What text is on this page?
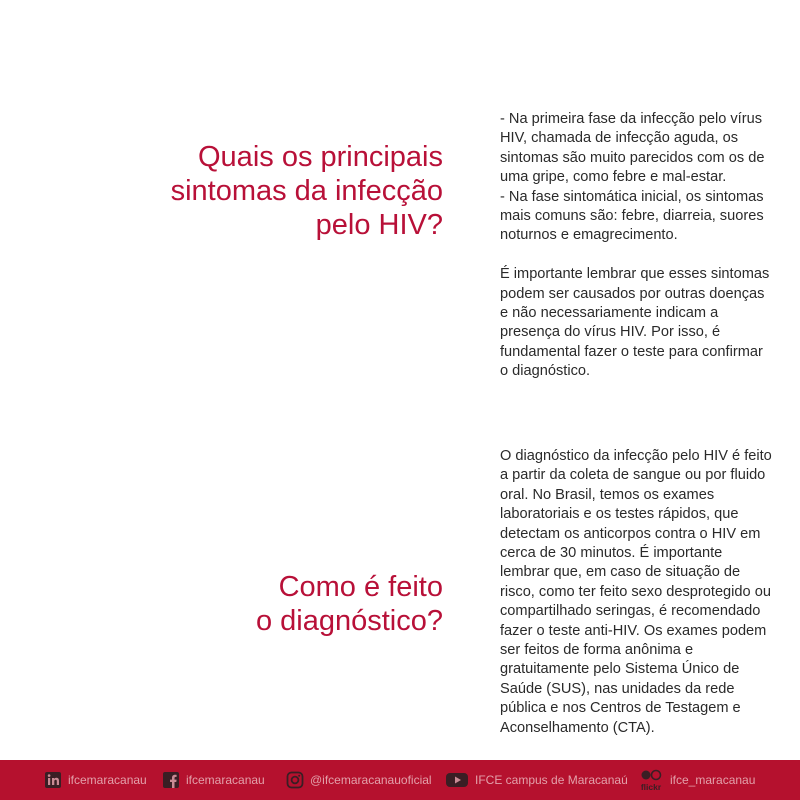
Quais os principais
sintomas da infecção
pelo HIV?
- Na primeira fase da infecção pelo vírus
HIV, chamada de infecção aguda, os
sintomas são muito parecidos com os de
uma gripe, como febre e mal-estar.
- Na fase sintomática inicial, os sintomas
mais comuns são: febre, diarreia, suores
noturnos e emagrecimento.
É importante lembrar que esses sintomas
podem ser causados por outras doenças
e não necessariamente indicam a
presença do vírus HIV. Por isso, é
fundamental fazer o teste para confirmar
o diagnóstico.
Como é feito
o diagnóstico?
O diagnóstico da infecção pelo HIV é feito
a partir da coleta de sangue ou por fluido
oral. No Brasil, temos os exames
laboratoriais e os testes rápidos, que
detectam os anticorpos contra o HIV em
cerca de 30 minutos. É importante
lembrar que, em caso de situação de
risco, como ter feito sexo desprotegido ou
compartilhado seringas, é recomendado
fazer o teste anti-HIV. Os exames podem
ser feitos de forma anônima e
gratuitamente pelo Sistema Único de
Saúde (SUS), nas unidades da rede
pública e nos Centros de Testagem e
Aconselhamento (CTA).
ifcemaracanau	ifcemaracanau	@ifcemaracanauoficial	IFCE campus de Maracanaú flickr ifce_maracanau
